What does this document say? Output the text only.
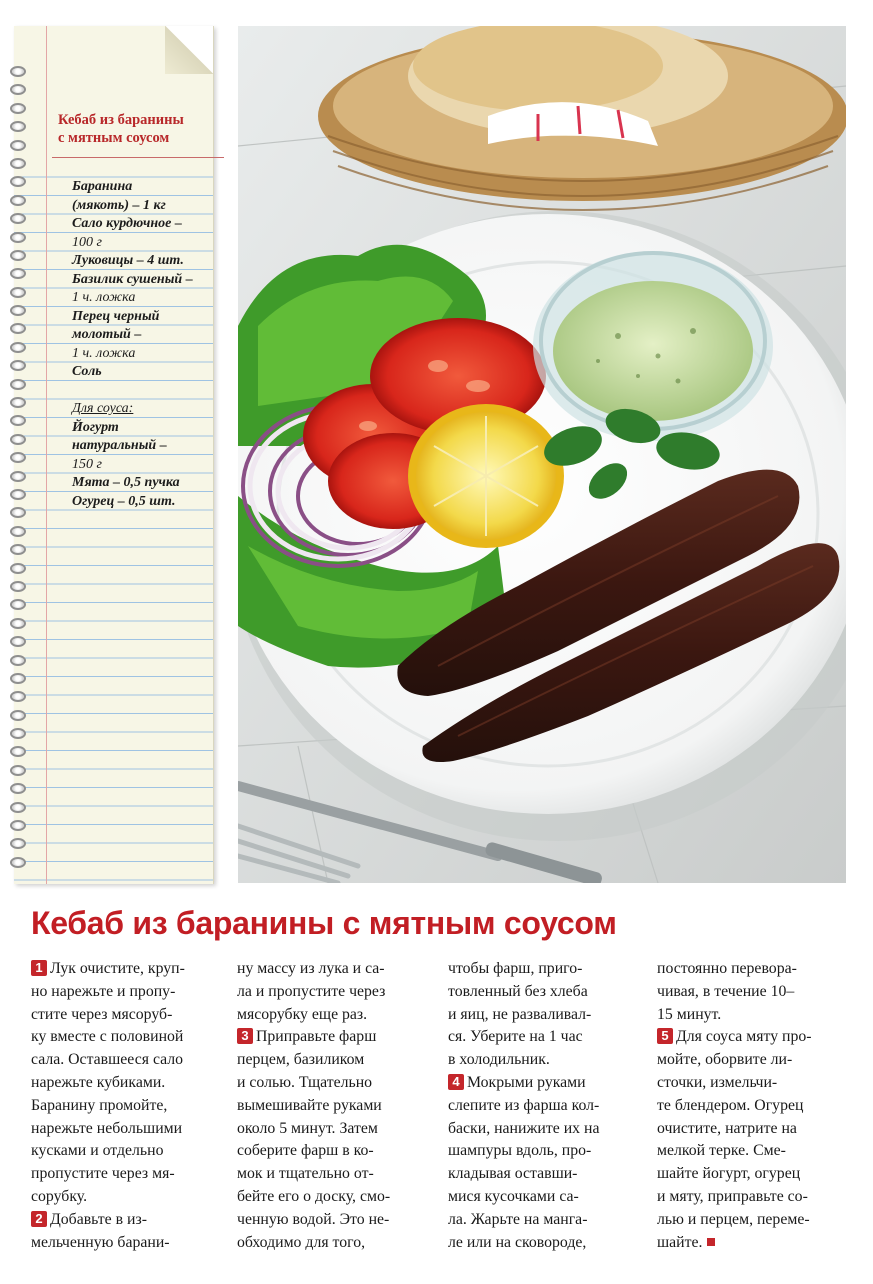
Кебаб из баранины
с мятным соусом
Баранина
(мякоть) – 1 кг
Сало курдючное –
100 г
Луковицы – 4 шт.
Базилик сушеный –
1 ч. ложка
Перец черный
молотый –
1 ч. ложка
Соль
Для соуса:
Йогурт
натуральный –
150 г
Мята – 0,5 пучка
Огурец – 0,5 шт.
Кебаб из баранины с мятным соусом
1 Лук очистите, круп-
но нарежьте и пропу-
стите через мясоруб-
ку вместе с половиной
сала. Оставшееся сало
нарежьте кубиками.
Баранину промойте,
нарежьте небольшими
кусками и отдельно
пропустите через мя-
сорубку.
2 Добавьте в из-
мельченную барани-
ну массу из лука и са-
ла и пропустите через
мясорубку еще раз.
3 Приправьте фарш
перцем, базиликом
и солью. Тщательно
вымешивайте руками
около 5 минут. Затем
соберите фарш в ко-
мок и тщательно от-
бейте его о доску, смо-
ченную водой. Это не-
обходимо для того,
чтобы фарш, приго-
товленный без хлеба
и яиц, не разваливал-
ся. Уберите на 1 час
в холодильник.
4 Мокрыми руками
слепите из фарша кол-
баски, нанижите их на
шампуры вдоль, про-
кладывая оставши-
мися кусочками са-
ла. Жарьте на манга-
ле или на сковороде,
постоянно перевора-
чивая, в течение 10–
15 минут.
5 Для соуса мяту про-
мойте, оборвите ли-
сточки, измельчи-
те блендером. Огурец
очистите, натрите на
мелкой терке. Сме-
шайте йогурт, огурец
и мяту, приправьте со-
лью и перцем, переме-
шайте.
